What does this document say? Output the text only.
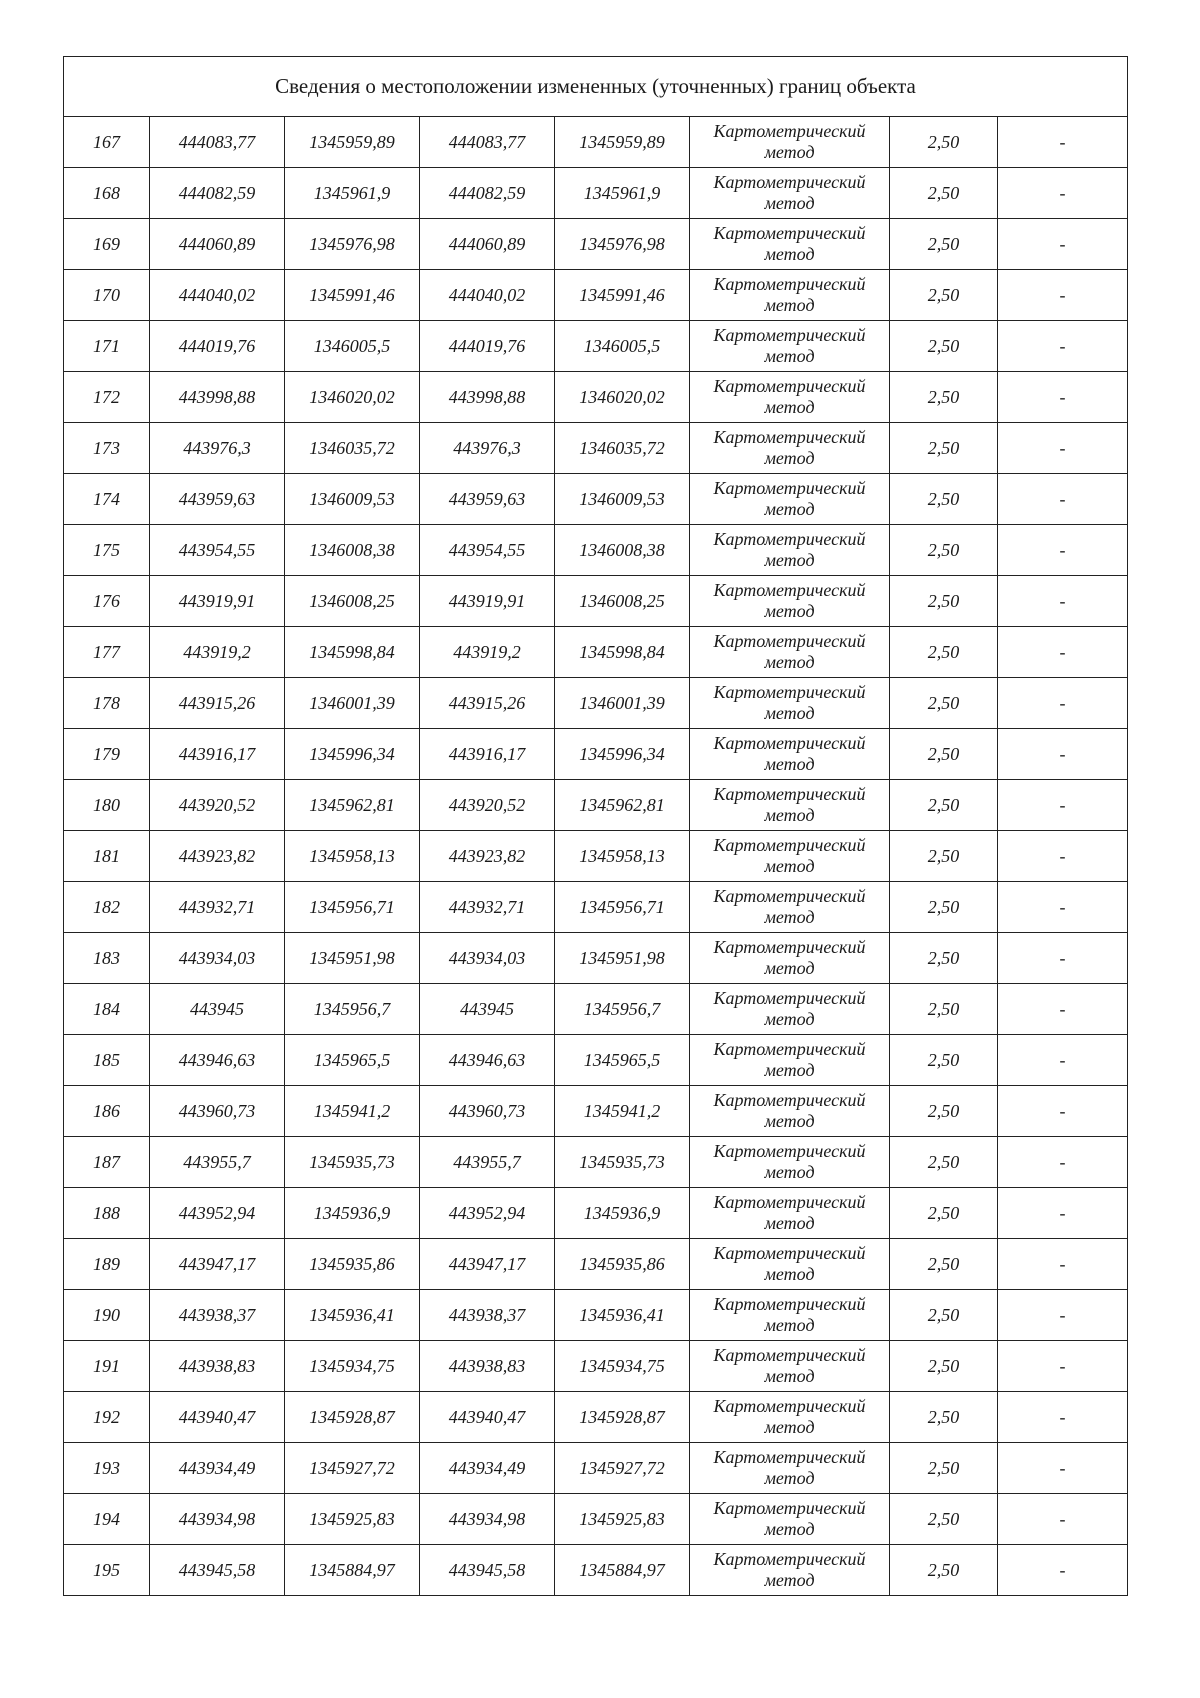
Сведения о местоположении измененных (уточненных) границ объекта							
167	444083,77	1345959,89	444083,77	1345959,89	Картометрический метод	2,50	-
168	444082,59	1345961,9	444082,59	1345961,9	Картометрический метод	2,50	-
169	444060,89	1345976,98	444060,89	1345976,98	Картометрический метод	2,50	-
170	444040,02	1345991,46	444040,02	1345991,46	Картометрический метод	2,50	-
171	444019,76	1346005,5	444019,76	1346005,5	Картометрический метод	2,50	-
172	443998,88	1346020,02	443998,88	1346020,02	Картометрический метод	2,50	-
173	443976,3	1346035,72	443976,3	1346035,72	Картометрический метод	2,50	-
174	443959,63	1346009,53	443959,63	1346009,53	Картометрический метод	2,50	-
175	443954,55	1346008,38	443954,55	1346008,38	Картометрический метод	2,50	-
176	443919,91	1346008,25	443919,91	1346008,25	Картометрический метод	2,50	-
177	443919,2	1345998,84	443919,2	1345998,84	Картометрический метод	2,50	-
178	443915,26	1346001,39	443915,26	1346001,39	Картометрический метод	2,50	-
179	443916,17	1345996,34	443916,17	1345996,34	Картометрический метод	2,50	-
180	443920,52	1345962,81	443920,52	1345962,81	Картометрический метод	2,50	-
181	443923,82	1345958,13	443923,82	1345958,13	Картометрический метод	2,50	-
182	443932,71	1345956,71	443932,71	1345956,71	Картометрический метод	2,50	-
183	443934,03	1345951,98	443934,03	1345951,98	Картометрический метод	2,50	-
184	443945	1345956,7	443945	1345956,7	Картометрический метод	2,50	-
185	443946,63	1345965,5	443946,63	1345965,5	Картометрический метод	2,50	-
186	443960,73	1345941,2	443960,73	1345941,2	Картометрический метод	2,50	-
187	443955,7	1345935,73	443955,7	1345935,73	Картометрический метод	2,50	-
188	443952,94	1345936,9	443952,94	1345936,9	Картометрический метод	2,50	-
189	443947,17	1345935,86	443947,17	1345935,86	Картометрический метод	2,50	-
190	443938,37	1345936,41	443938,37	1345936,41	Картометрический метод	2,50	-
191	443938,83	1345934,75	443938,83	1345934,75	Картометрический метод	2,50	-
192	443940,47	1345928,87	443940,47	1345928,87	Картометрический метод	2,50	-
193	443934,49	1345927,72	443934,49	1345927,72	Картометрический метод	2,50	-
194	443934,98	1345925,83	443934,98	1345925,83	Картометрический метод	2,50	-
195	443945,58	1345884,97	443945,58	1345884,97	Картометрический метод	2,50	-
